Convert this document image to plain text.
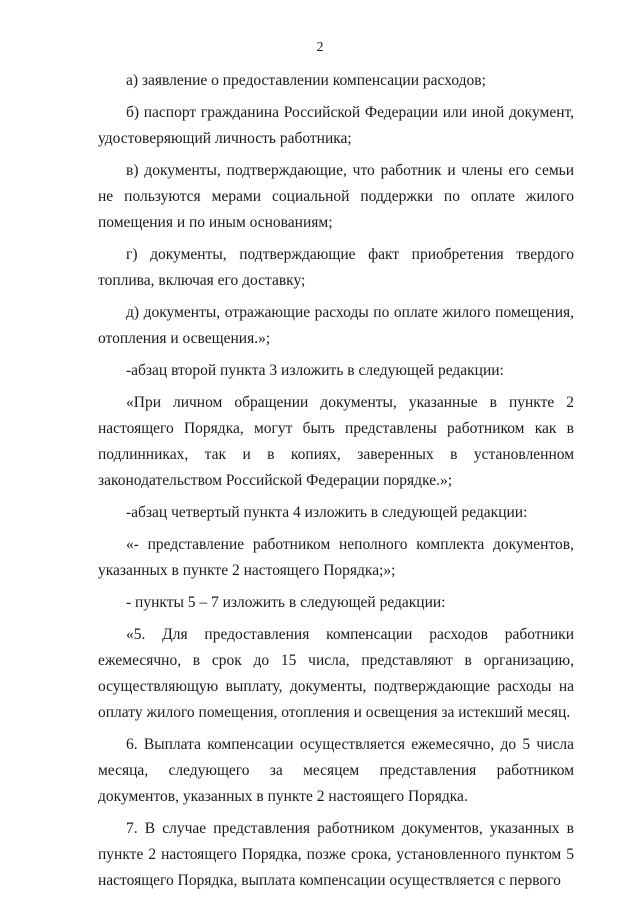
2

а) заявление о предоставлении компенсации расходов;

б) паспорт гражданина Российской Федерации или иной документ, удостоверяющий личность работника;

в) документы, подтверждающие, что работник и члены его семьи не пользуются мерами социальной поддержки по оплате жилого помещения и по иным основаниям;

г) документы, подтверждающие факт приобретения твердого топлива, включая его доставку;

д) документы, отражающие расходы по оплате жилого помещения, отопления и освещения.»;

-абзац второй пункта 3 изложить в следующей редакции:

«При личном обращении документы, указанные в пункте 2 настоящего Порядка, могут быть представлены работником как в подлинниках, так и в копиях, заверенных в установленном законодательством Российской Федерации порядке.»;

-абзац четвертый пункта 4 изложить в следующей редакции:

«- представление работником неполного комплекта документов, указанных в пункте 2 настоящего Порядка;»;

- пункты 5 – 7 изложить в следующей редакции:

«5. Для предоставления компенсации расходов работники ежемесячно, в срок до 15 числа, представляют в организацию, осуществляющую выплату, документы, подтверждающие расходы на оплату жилого помещения, отопления и освещения за истекший месяц.

6. Выплата компенсации осуществляется ежемесячно, до 5 числа месяца, следующего за месяцем представления работником документов, указанных в пункте 2 настоящего Порядка.

7. В случае представления работником документов, указанных в пункте 2 настоящего Порядка, позже срока, установленного пунктом 5 настоящего Порядка, выплата компенсации осуществляется с первого
